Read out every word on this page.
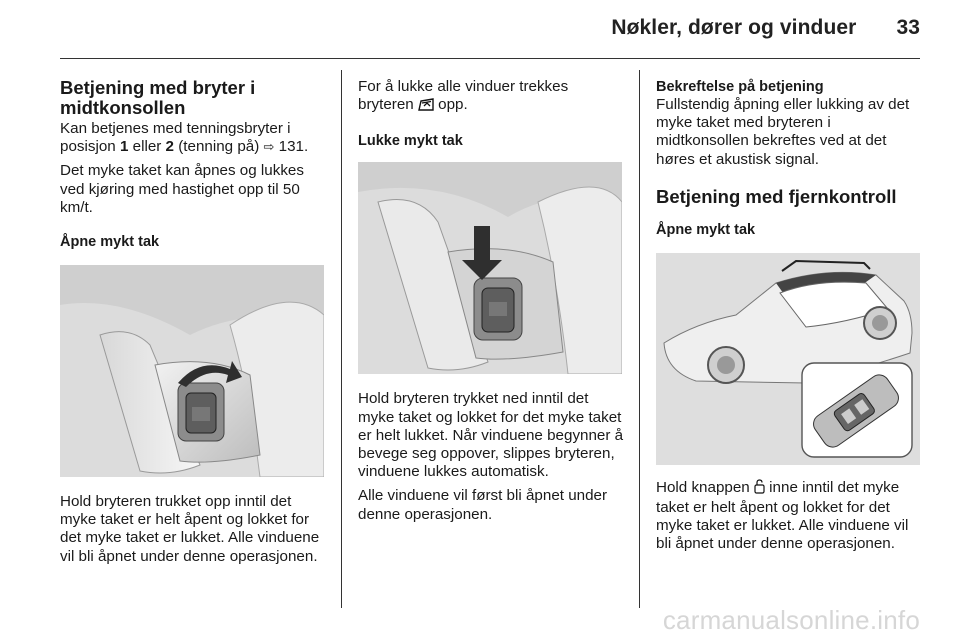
Nøkler, dører og vinduer 33
Betjening med bryter i midtkonsollen

Kan betjenes med tenningsbryter i posisjon 1 eller 2 (tenning på) ⇨ 131.

Det myke taket kan åpnes og lukkes ved kjøring med hastighet opp til 50 km/t.

Åpne mykt tak

Hold bryteren trukket opp inntil det myke taket er helt åpent og lokket for det myke taket er lukket. Alle vinduene vil bli åpnet under denne operasjonen.

For å lukke alle vinduer trekkes bryteren  opp.

Lukke mykt tak

Hold bryteren trykket ned inntil det myke taket og lokket for det myke taket er helt lukket. Når vinduene begynner å bevege seg oppover, slippes bryteren, vinduene lukkes automatisk.

Alle vinduene vil først bli åpnet under denne operasjonen.

Bekreftelse på betjening

Fullstendig åpning eller lukking av det myke taket med bryteren i midtkonsollen bekreftes ved at det høres et akustisk signal.

Betjening med fjernkontroll
Åpne mykt tak

Hold knappen  inne inntil det myke taket er helt åpent og lokket for det myke taket er lukket. Alle vinduene vil bli åpnet under denne operasjonen.

carmanualsonline.info
